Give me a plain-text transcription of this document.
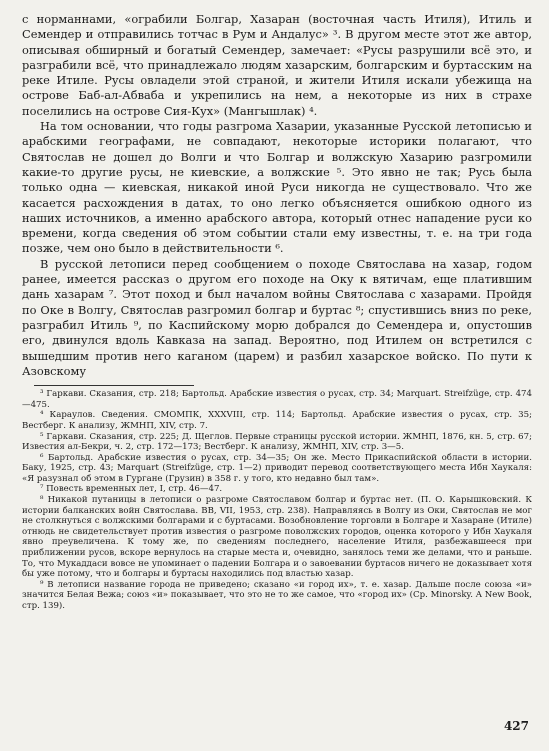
с норманнами, «ограбили Болгар, Хазаран (восточная часть Итиля), Итиль и Семендер и отправились тотчас в Рум и Андалус» ³. В другом месте этот же автор, описывая обширный и богатый Семендер, замечает: «Русы разрушили всё это, и разграбили всё, что принадлежало людям хазарским, болгарским и буртасским на реке Итиле. Русы овладели этой страной, и жители Итиля искали убежища на острове Баб-ал-Абваба и укрепились на нем, а некоторые из них в страхе поселились на острове Сия-Кух» (Мангышлак) ⁴.

На том основании, что годы разгрома Хазарии, указанные Русской летописью и арабскими географами, не совпадают, некоторые историки полагают, что Святослав не дошел до Волги и что Болгар и волжскую Хазарию разгромили какие-то другие русы, не киевские, а волжские ⁵. Это явно не так; Русь была только одна — киевская, никакой иной Руси никогда не существовало. Что же касается расхождения в датах, то оно легко объясняется ошибкою одного из наших источников, а именно арабского автора, который отнес нападение руси ко времени, когда сведения об этом событии стали ему известны, т. е. на три года позже, чем оно было в действительности ⁶.

В русской летописи перед сообщением о походе Святослава на хазар, годом ранее, имеется рассказ о другом его походе на Оку к вятичам, еще платившим дань хазарам ⁷. Этот поход и был началом войны Святослава с хазарами. Пройдя по Оке в Волгу, Святослав разгромил болгар и буртас ⁸; спустившись вниз по реке, разграбил Итиль ⁹, по Каспийскому морю добрался до Семендера и, опустошив его, двинулся вдоль Кавказа на запад. Вероятно, под Итилем он встретился с вышедшим против него каганом (царем) и разбил хазарское войско. По пути к Азовскому

³ Гаркави. Сказания, стр. 218; Бартольд. Арабские известия о русах, стр. 34; Marquart. Streifzüge, стр. 474—475.

⁴ Караулов. Сведения. СМОМПК, XXXVIII, стр. 114; Бартольд. Арабские известия о русах, стр. 35; Вестберг. К анализу, ЖМНП, XIV, стр. 7.

⁵ Гаркави. Сказания, стр. 225; Д. Щеглов. Первые страницы русской истории. ЖМНП, 1876, кн. 5, стр. 67; Известия ал-Бекри, ч. 2, стр. 172—173; Вестберг. К анализу, ЖМНП, XIV, стр. 3—5.

⁶ Бартольд. Арабские известия о русах, стр. 34—35; Он же. Место Прикаспийской области в истории. Баку, 1925, стр. 43; Marquart (Streifzüge, стр. 1—2) приводит перевод соответствующего места Ибн Хаукаля: «Я разузнал об этом в Гургане (Грузин) в 358 г. у того, кто недавно был там».

⁷ Повесть временных лет, I, стр. 46—47.

⁸ Никакой путаницы в летописи о разгроме Святославом болгар и буртас нет. (П. О. Карышковский. К истории балканских войн Святослава. ВВ, VII, 1953, стр. 238). Направляясь в Волгу из Оки, Святослав не мог не столкнуться с волжскими болгарами и с буртасами. Возобновление торговли в Болгаре и Хазаране (Итиле) отнюдь не свидетельствует против известия о разгроме поволжских городов, оценка которого у Ибн Хаукаля явно преувеличена. К тому же, по сведениям последнего, население Итиля, разбежавшееся при приближении русов, вскоре вернулось на старые места и, очевидно, занялось теми же делами, что и раньше. То, что Мукаддаси вовсе не упоминает о падении Болгара и о завоевании буртасов ничего не доказывает хотя бы уже потому, что и болгары и буртасы находились под властью хазар.

⁹ В летописи название города не приведено; сказано «и город их», т. е. хазар. Дальше после союза «и» значится Белая Вежа; союз «и» показывает, что это не то же самое, что «город их» (Ср. Minorsky. A New Book, стр. 139).

427
